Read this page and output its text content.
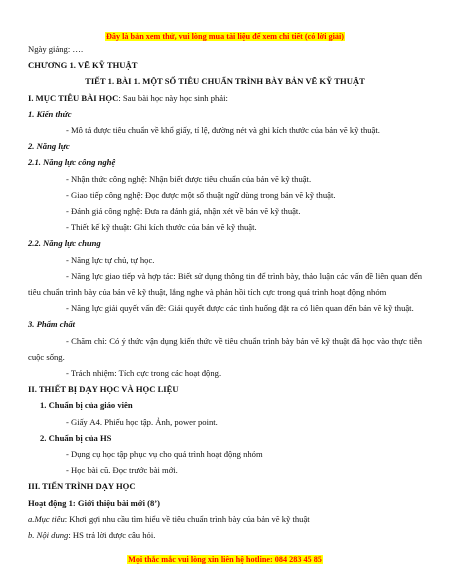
Đây là bản xem thử, vui lòng mua tài liệu để xem chi tiết (có lời giải)
Ngày giảng: ….
CHƯƠNG 1. VẼ KỸ THUẬT
TIẾT 1. BÀI 1. MỘT SỐ TIÊU CHUẨN TRÌNH BÀY BẢN VẼ KỸ THUẬT
I. MỤC TIÊU BÀI HỌC: Sau bài học này học sinh phải:
1. Kiến thức
- Mô tả được tiêu chuẩn về khổ giấy, tỉ lệ, đường nét và ghi kích thước của bản vẽ kỹ thuật.
2. Năng lực
2.1. Năng lực công nghệ
- Nhận thức công nghệ: Nhận biết được tiêu chuẩn của bản vẽ kỹ thuật.
- Giao tiếp công nghệ: Đọc được một số thuật ngữ dùng trong bản vẽ kỹ thuật.
- Đánh giá công nghệ: Đưa ra đánh giá, nhận xét về bản vẽ kỹ thuật.
- Thiết kế kỹ thuật: Ghi kích thước của bản vẽ kỹ thuật.
2.2. Năng lực chung
- Năng lực tự chủ, tự học.
- Năng lực giao tiếp và hợp tác: Biết sử dụng thông tin để trình bày, thảo luận các vấn đề liên quan đến tiêu chuẩn trình bày của bản vẽ kỹ thuật, lắng nghe và phản hồi tích cực trong quá trình hoạt động nhóm
- Năng lực giải quyết vấn đề: Giải quyết được các tình huống đặt ra có liên quan đến bản vẽ kỹ thuật.
3. Phẩm chất
- Chăm chỉ: Có ý thức vận dụng kiến thức về tiêu chuẩn trình bày bản vẽ kỹ thuật đã học vào thực tiễn cuộc sống.
- Trách nhiệm: Tích cực trong các hoạt động.
II. THIẾT BỊ DẠY HỌC VÀ HỌC LIỆU
1. Chuẩn bị của giáo viên
- Giấy A4. Phiếu học tập. Ảnh, power point.
2. Chuẩn bị của HS
- Dụng cụ học tập phục vụ cho quá trình hoạt động nhóm
- Học bài cũ. Đọc trước bài mới.
III. TIẾN TRÌNH DẠY HỌC
Hoạt động 1: Giới thiệu bài mới (8’)
a.Mục tiêu: Khơi gợi nhu cầu tìm hiểu về tiêu chuẩn trình bày của bản vẽ kỹ thuật
b. Nội dung: HS trả lời được câu hỏi.
Mọi thắc mắc vui lòng xin liên hệ hotline: 084 283 45 85
